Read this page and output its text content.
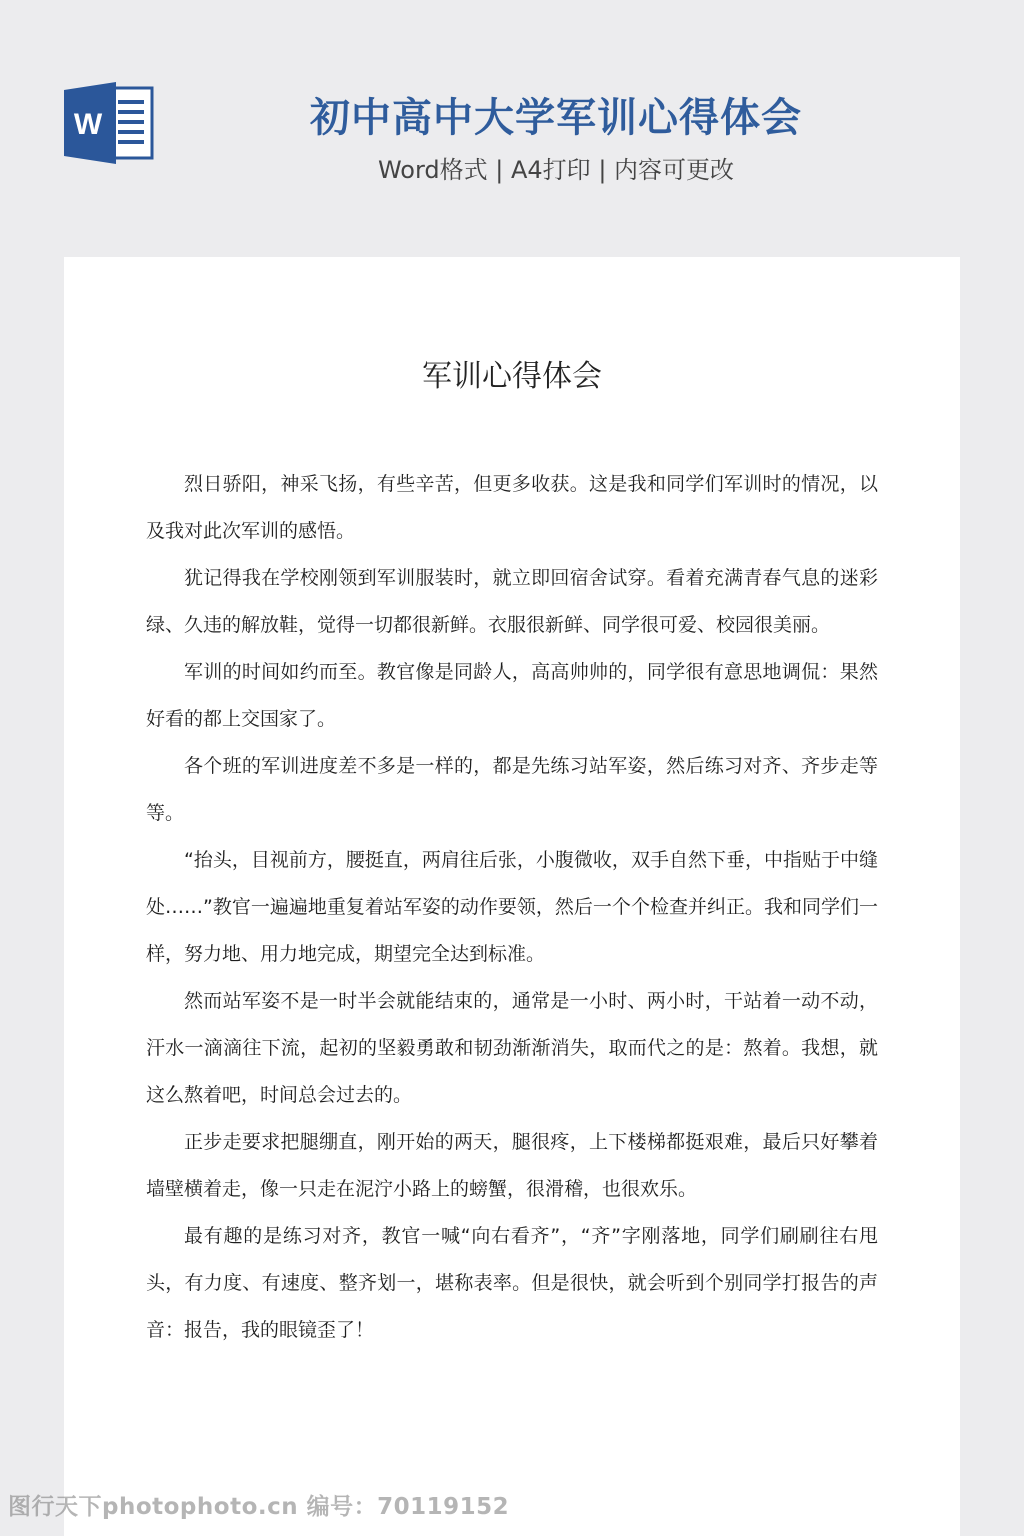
W	初中高中大学军训心得体会
Word格式 | A4打印 | 内容可更改
军训心得体会

烈日骄阳，神采飞扬，有些辛苦，但更多收获。这是我和同学们军训时的情况，以及我对此次军训的感悟。

犹记得我在学校刚领到军训服装时，就立即回宿舍试穿。看着充满青春气息的迷彩绿、久违的解放鞋，觉得一切都很新鲜。衣服很新鲜、同学很可爱、校园很美丽。

军训的时间如约而至。教官像是同龄人，高高帅帅的，同学很有意思地调侃：果然好看的都上交国家了。

各个班的军训进度差不多是一样的，都是先练习站军姿，然后练习对齐、齐步走等等。

“抬头，目视前方，腰挺直，两肩往后张，小腹微收，双手自然下垂，中指贴于中缝处……”教官一遍遍地重复着站军姿的动作要领，然后一个个检查并纠正。我和同学们一样，努力地、用力地完成，期望完全达到标准。

然而站军姿不是一时半会就能结束的，通常是一小时、两小时，干站着一动不动，汗水一滴滴往下流，起初的坚毅勇敢和韧劲渐渐消失，取而代之的是：熬着。我想，就这么熬着吧，时间总会过去的。

正步走要求把腿绷直，刚开始的两天，腿很疼，上下楼梯都挺艰难，最后只好攀着墙壁横着走，像一只走在泥泞小路上的螃蟹，很滑稽，也很欢乐。

最有趣的是练习对齐，教官一喊“向右看齐”，“齐”字刚落地，同学们刷刷往右甩头，有力度、有速度、整齐划一，堪称表率。但是很快，就会听到个别同学打报告的声音：报告，我的眼镜歪了！

图行天下photophoto.cn 编号：70119152
